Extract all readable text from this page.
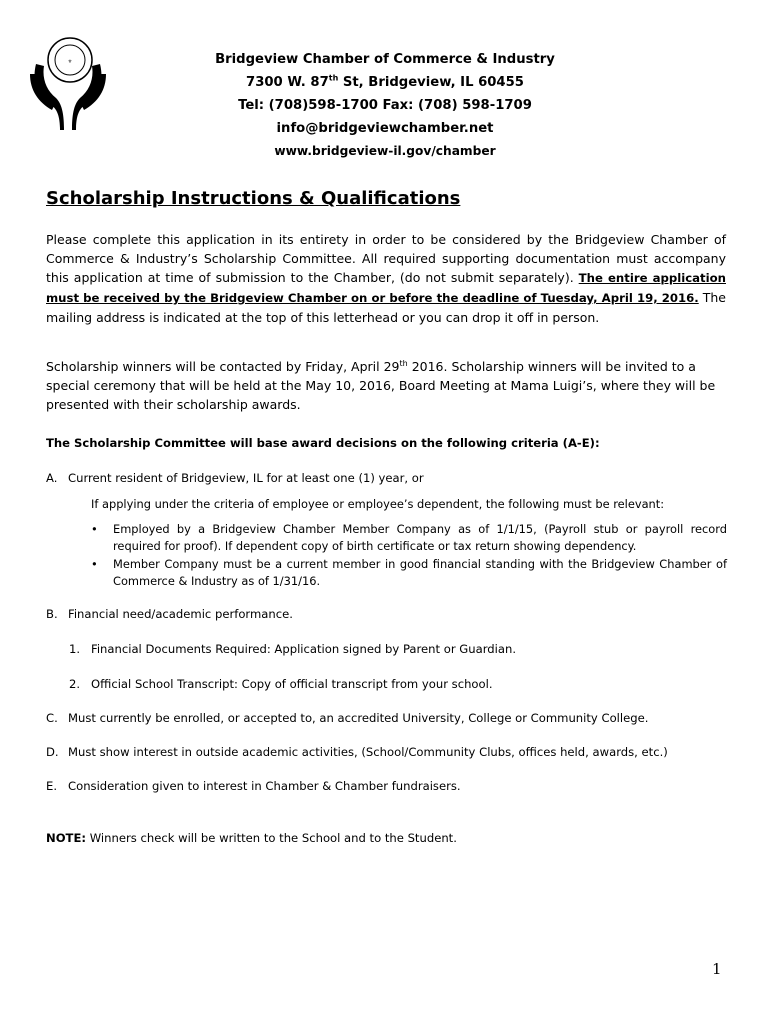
⚜	Bridgeview Chamber of Commerce & Industry
7300 W. 87th St, Bridgeview, IL 60455
Tel: (708)598-1700 Fax: (708) 598-1709
info@bridgeviewchamber.net
www.bridgeview-il.gov/chamber
Scholarship Instructions & Qualifications

Please complete this application in its entirety in order to be considered by the Bridgeview Chamber of Commerce & Industry’s Scholarship Committee. All required supporting documentation must accompany this application at time of submission to the Chamber, (do not submit separately). The entire application must be received by the Bridgeview Chamber on or before the deadline of Tuesday, April 19, 2016. The mailing address is indicated at the top of this letterhead or you can drop it off in person.

Scholarship winners will be contacted by Friday, April 29th 2016. Scholarship winners will be invited to a special ceremony that will be held at the May 10, 2016, Board Meeting at Mama Luigi’s, where they will be presented with their scholarship awards.

The Scholarship Committee will base award decisions on the following criteria (A-E):

A. Current resident of Bridgeview, IL for at least one (1) year, or

If applying under the criteria of employee or employee’s dependent, the following must be relevant:

• Employed by a Bridgeview Chamber Member Company as of 1/1/15, (Payroll stub or payroll record required for proof). If dependent copy of birth certificate or tax return showing dependency.
• Member Company must be a current member in good financial standing with the Bridgeview Chamber of Commerce & Industry as of 1/31/16.

B. Financial need/academic performance.

1. Financial Documents Required: Application signed by Parent or Guardian.

2. Official School Transcript: Copy of official transcript from your school.

C. Must currently be enrolled, or accepted to, an accredited University, College or Community College.

D. Must show interest in outside academic activities, (School/Community Clubs, offices held, awards, etc.)

E. Consideration given to interest in Chamber & Chamber fundraisers.

NOTE: Winners check will be written to the School and to the Student.

1
